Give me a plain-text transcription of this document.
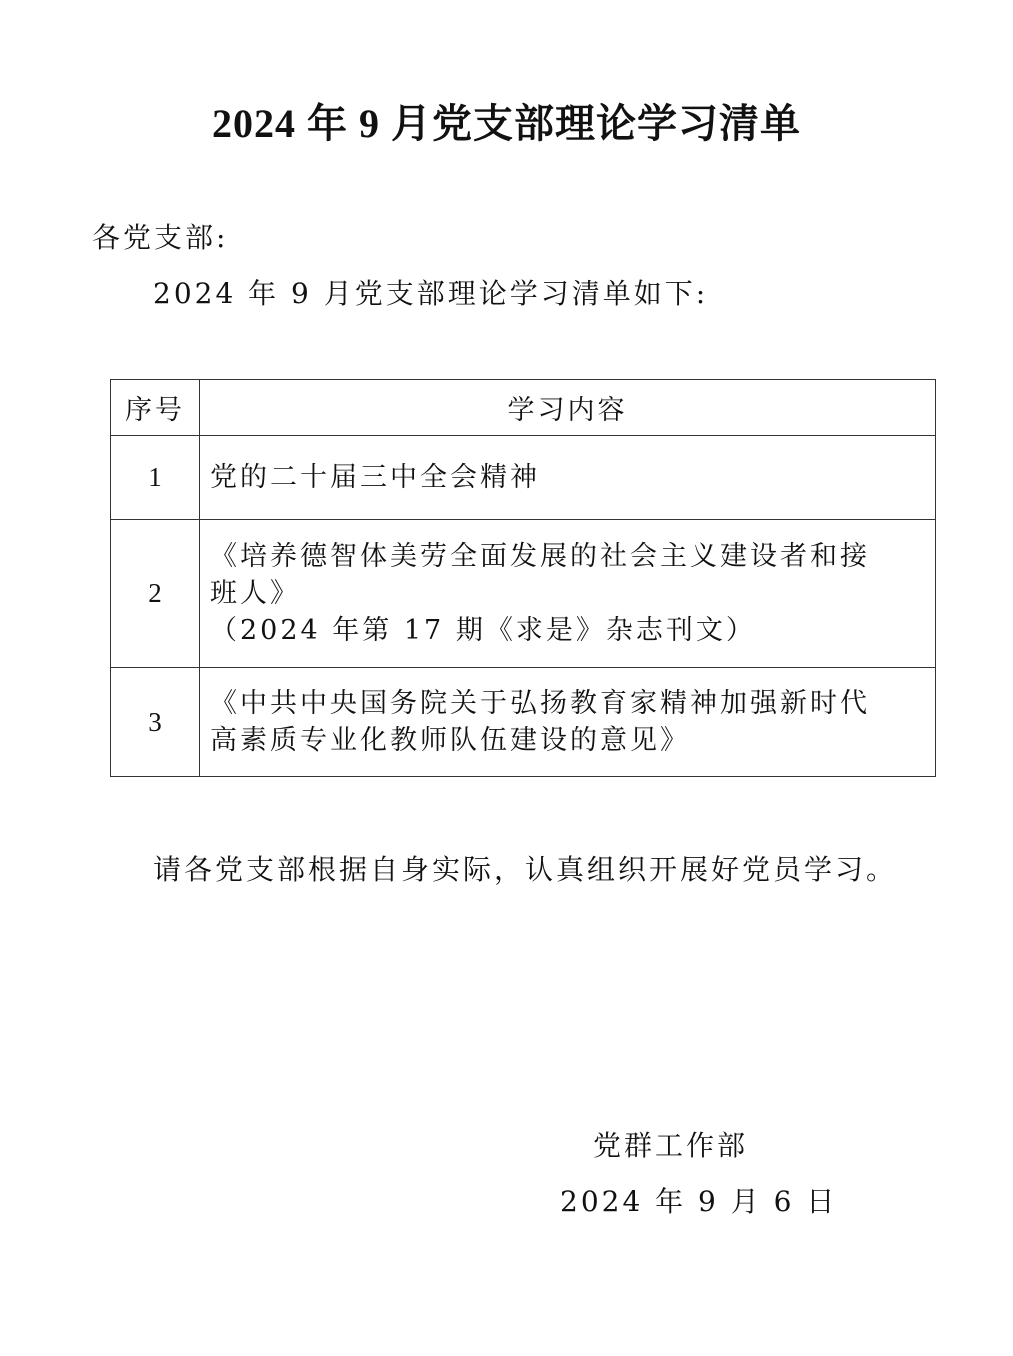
2024 年 9 月党支部理论学习清单
各党支部:
2024 年 9 月党支部理论学习清单如下:
序号	学习内容
1	党的二十届三中全会精神

2	《培养德智体美劳全面发展的社会主义建设者和接
班人》
（2024 年第 17 期《求是》杂志刊文）

3	《中共中央国务院关于弘扬教育家精神加强新时代
高素质专业化教师队伍建设的意见》
请各党支部根据自身实际，认真组织开展好党员学习。
党群工作部
2024 年 9 月 6 日
